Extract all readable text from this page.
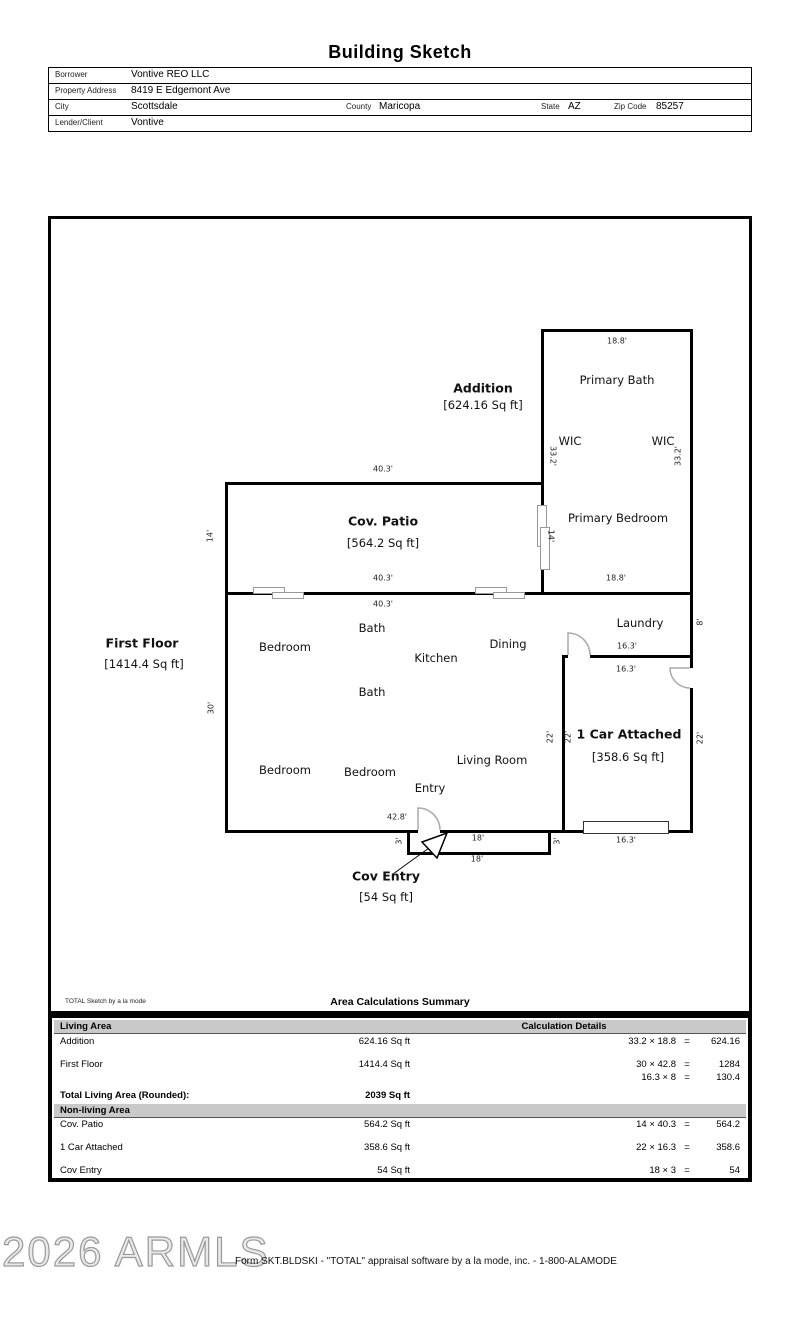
Building Sketch
Borrower	Vontive REO LLC
Property Address 8419 E Edgemont Ave
City	Scottsdale	County Maricopa	State AZ	Zip Code 85257
Lender/Client	Vontive
Addition
[624.16 Sq ft]
Cov. Patio
[564.2 Sq ft]
First Floor
[1414.4 Sq ft]
1 Car Attached
[358.6 Sq ft]
Cov Entry
[54 Sq ft]
Primary Bath
WIC	WIC
Primary Bedroom
Laundry
Bath
Bedroom
Kitchen
Dining
Bath
Bedroom	Bedroom
Living Room
Entry
18.8'
33.2'	33.2'
14'
18.8'
40.3'
14'
40.3'
40.3'
30'
42.8'
16.3'
8'
16.3'
22' 22'	22'
16.3'
3'	18'	3'
18'
TOTAL Sketch by a la mode	Area Calculations Summary
Living Area	Calculation Details
Addition	624.16 Sq ft	33.2 × 18.8 =	624.16
First Floor	1414.4 Sq ft	30 × 42.8 =	1284
16.3 × 8 =	130.4
Total Living Area (Rounded):	2039 Sq ft
Non-living Area
Cov. Patio	564.2 Sq ft	14 × 40.3 =	564.2
1 Car Attached	358.6 Sq ft	22 × 16.3 =	358.6
Cov Entry	54 Sq ft	18 × 3 =	54
2026 ARMLS
Form SKT.BLDSKI - "TOTAL" appraisal software by a la mode, inc. - 1-800-ALAMODE
